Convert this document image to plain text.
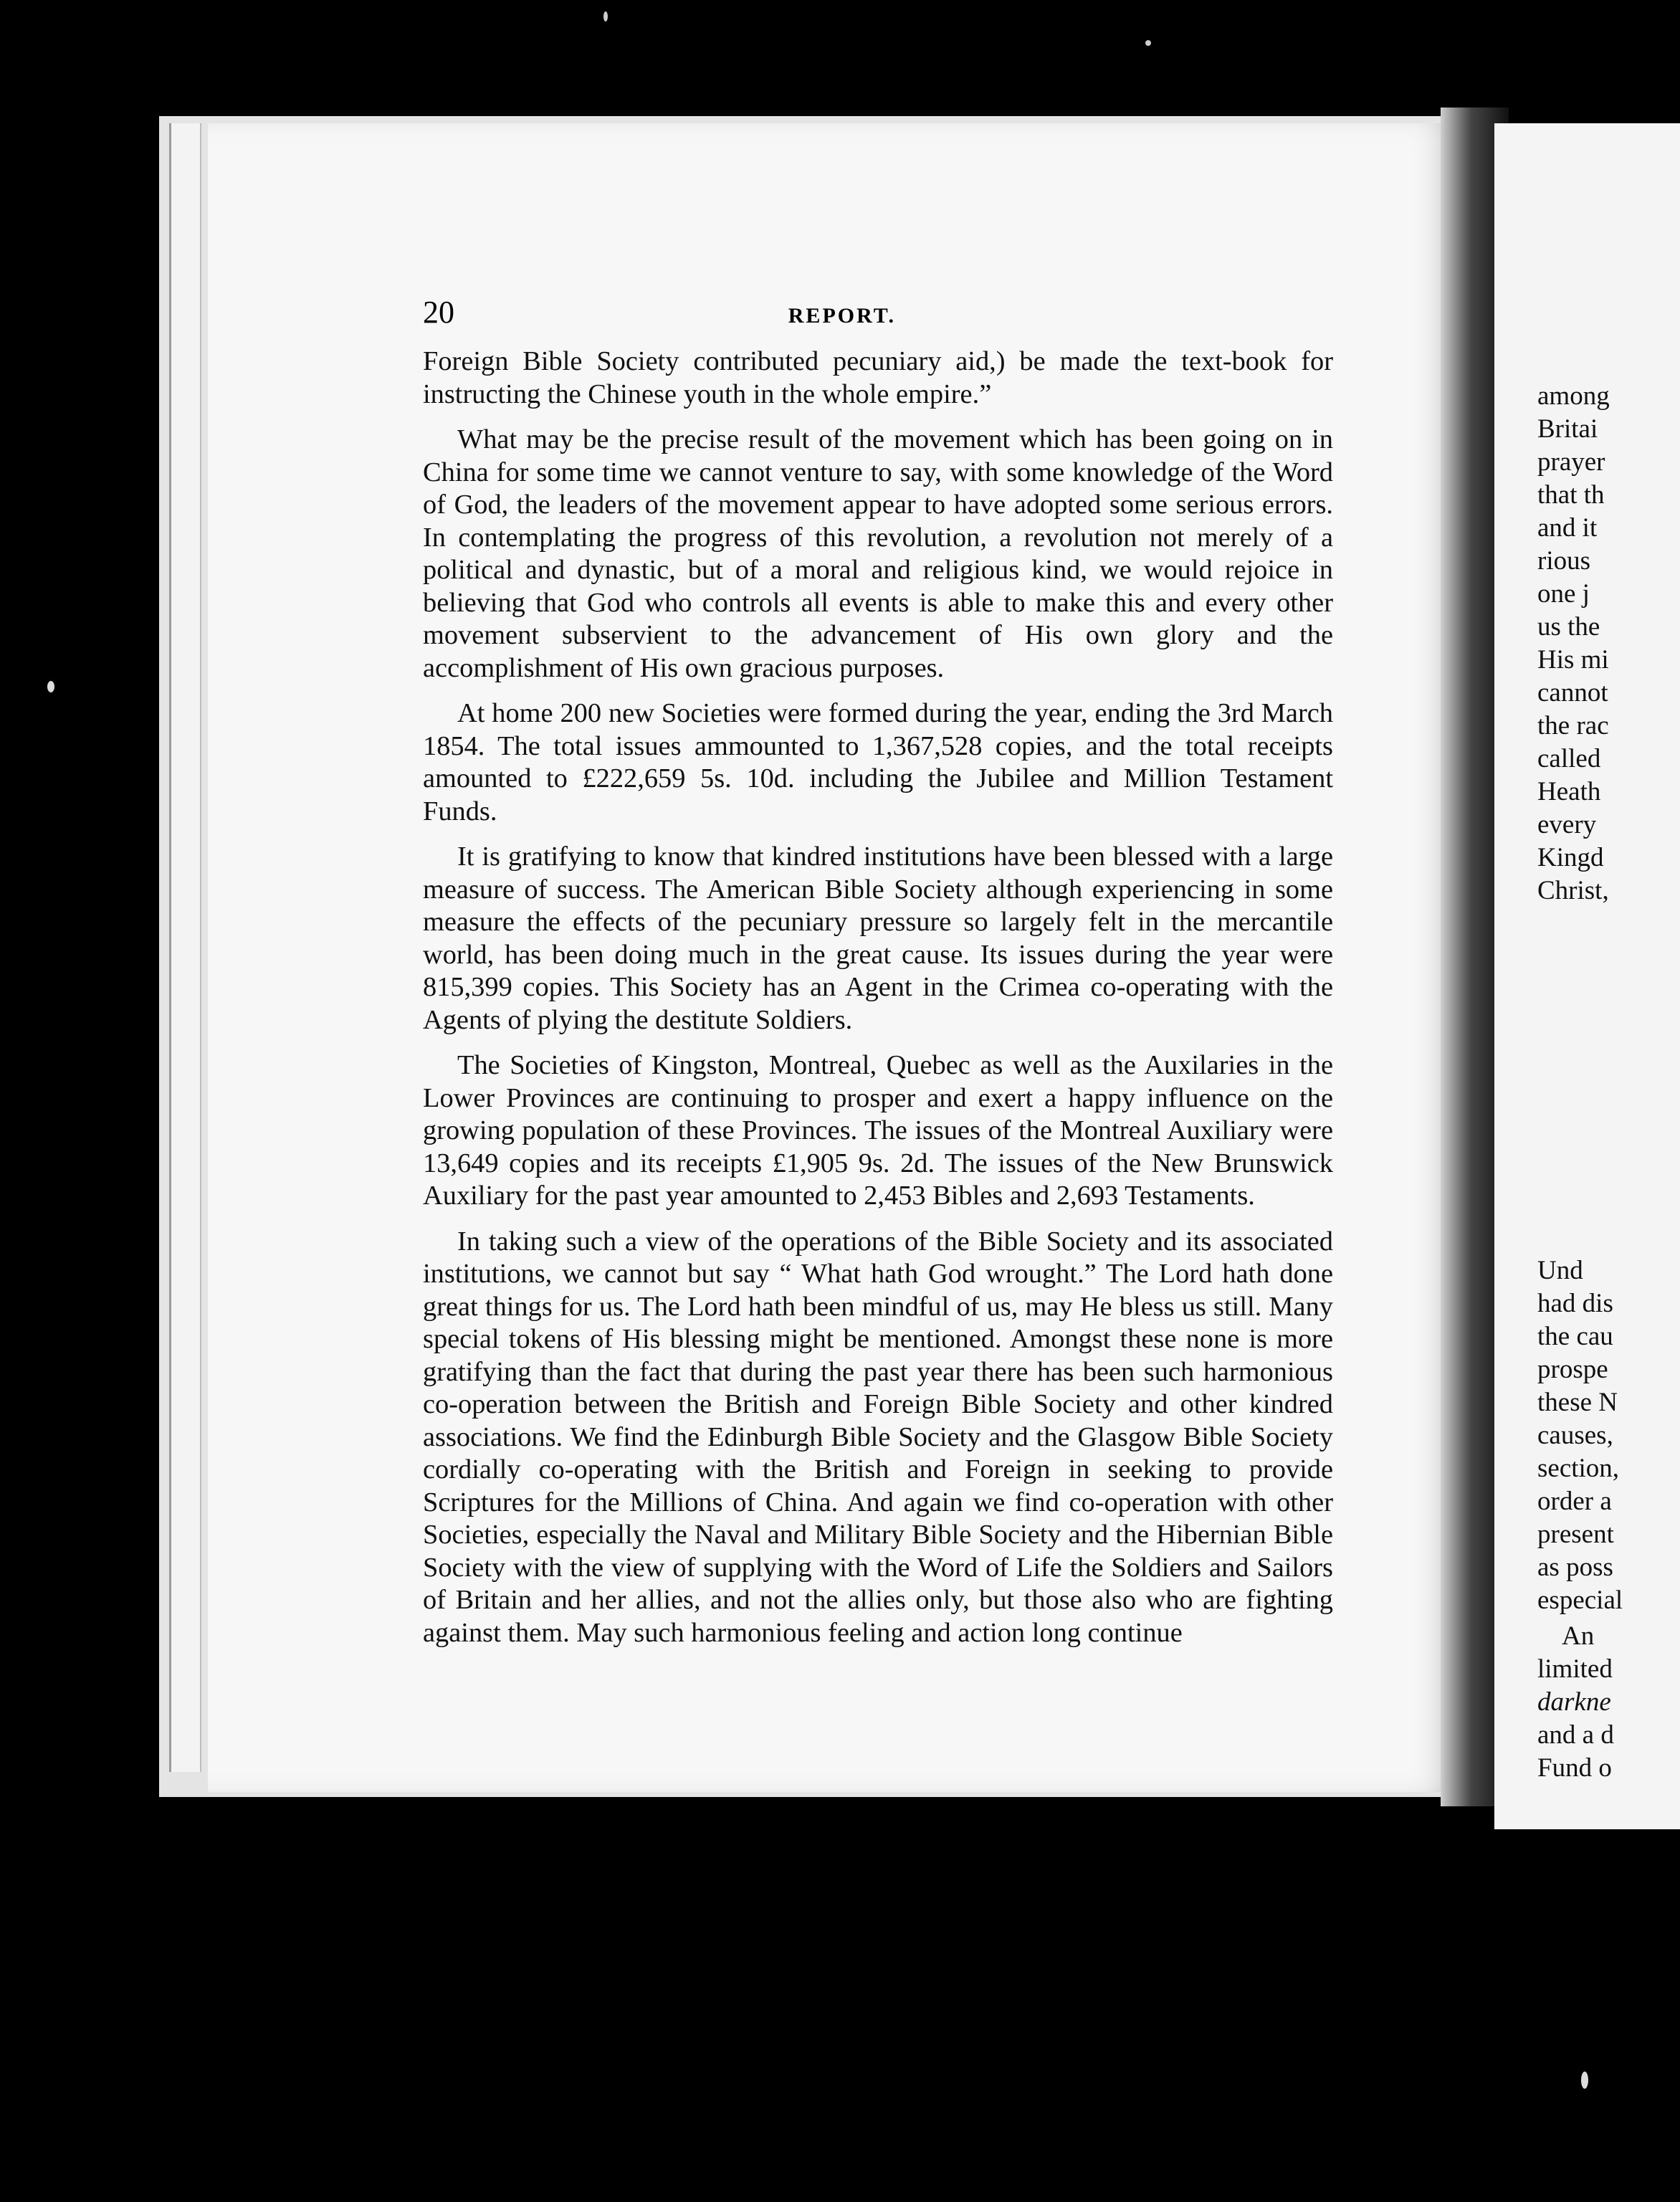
20	REPORT.

Foreign Bible Society contributed pecuniary aid,) be made the text-book for instructing the Chinese youth in the whole empire.”

What may be the precise result of the movement which has been going on in China for some time we cannot venture to say, with some knowledge of the Word of God, the leaders of the movement appear to have adopted some serious errors. In contemplating the progress of this revolution, a revolution not merely of a political and dynastic, but of a moral and religious kind, we would rejoice in believing that God who controls all events is able to make this and every other movement subservient to the advancement of His own glory and the accomplishment of His own gracious purposes.

At home 200 new Societies were formed during the year, ending the 3rd March 1854. The total issues ammounted to 1,367,528 copies, and the total receipts amounted to £222,659 5s. 10d. including the Jubilee and Million Testament Funds.

It is gratifying to know that kindred institutions have been blessed with a large measure of success. The American Bible Society although experiencing in some measure the effects of the pecuniary pressure so largely felt in the mercantile world, has been doing much in the great cause. Its issues during the year were 815,399 copies. This Society has an Agent in the Crimea co-operating with the Agents of plying the destitute Soldiers.

The Societies of Kingston, Montreal, Quebec as well as the Auxilaries in the Lower Provinces are continuing to prosper and exert a happy influence on the growing population of these Provinces. The issues of the Montreal Auxiliary were 13,649 copies and its receipts £1,905 9s. 2d. The issues of the New Brunswick Auxiliary for the past year amounted to 2,453 Bibles and 2,693 Testaments.

In taking such a view of the operations of the Bible Society and its associated institutions, we cannot but say “ What hath God wrought.” The Lord hath done great things for us. The Lord hath been mindful of us, may He bless us still. Many special tokens of His blessing might be mentioned. Amongst these none is more gratifying than the fact that during the past year there has been such harmonious co-operation between the British and Foreign Bible Society and other kindred associations. We find the Edinburgh Bible Society and the Glasgow Bible Society cordially co-operating with the British and Foreign in seeking to provide Scriptures for the Millions of China. And again we find co-operation with other Societies, especially the Naval and Military Bible Society and the Hibernian Bible Society with the view of supplying with the Word of Life the Soldiers and Sailors of Britain and her allies, and not the allies only, but those also who are fighting against them. May such harmonious feeling and action long continue

among
Britai
prayer
that th
and it
rious
one j
us the
His mi
cannot
the rac
called
Heath
every
Kingd
Christ,
Und
had dis
the cau
prospe
these N
causes,
section,
order a
present
as poss
especial
An
limited
darkne
and a d
Fund o
